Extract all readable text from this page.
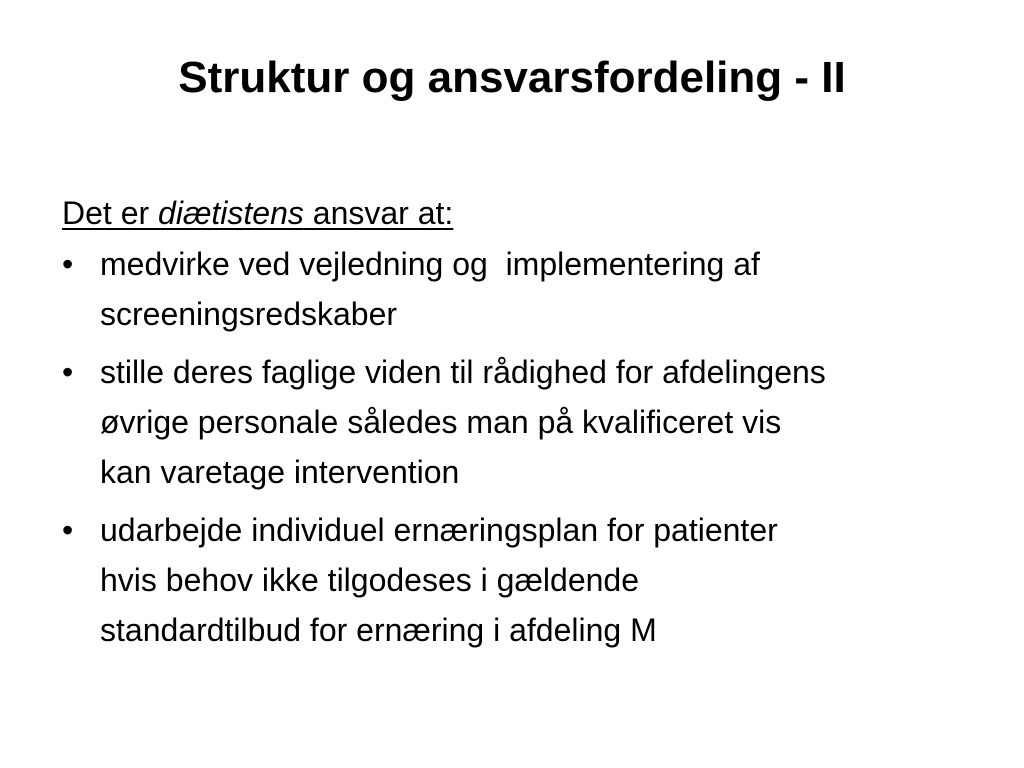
Struktur og ansvarsfordeling - II

Det er diætistens ansvar at:

• medvirke ved vejledning og  implementering af
screeningsredskaber
• stille deres faglige viden til rådighed for afdelingens
øvrige personale således man på kvalificeret vis
kan varetage intervention
• udarbejde individuel ernæringsplan for patienter
hvis behov ikke tilgodeses i gældende
standardtilbud for ernæring i afdeling M
